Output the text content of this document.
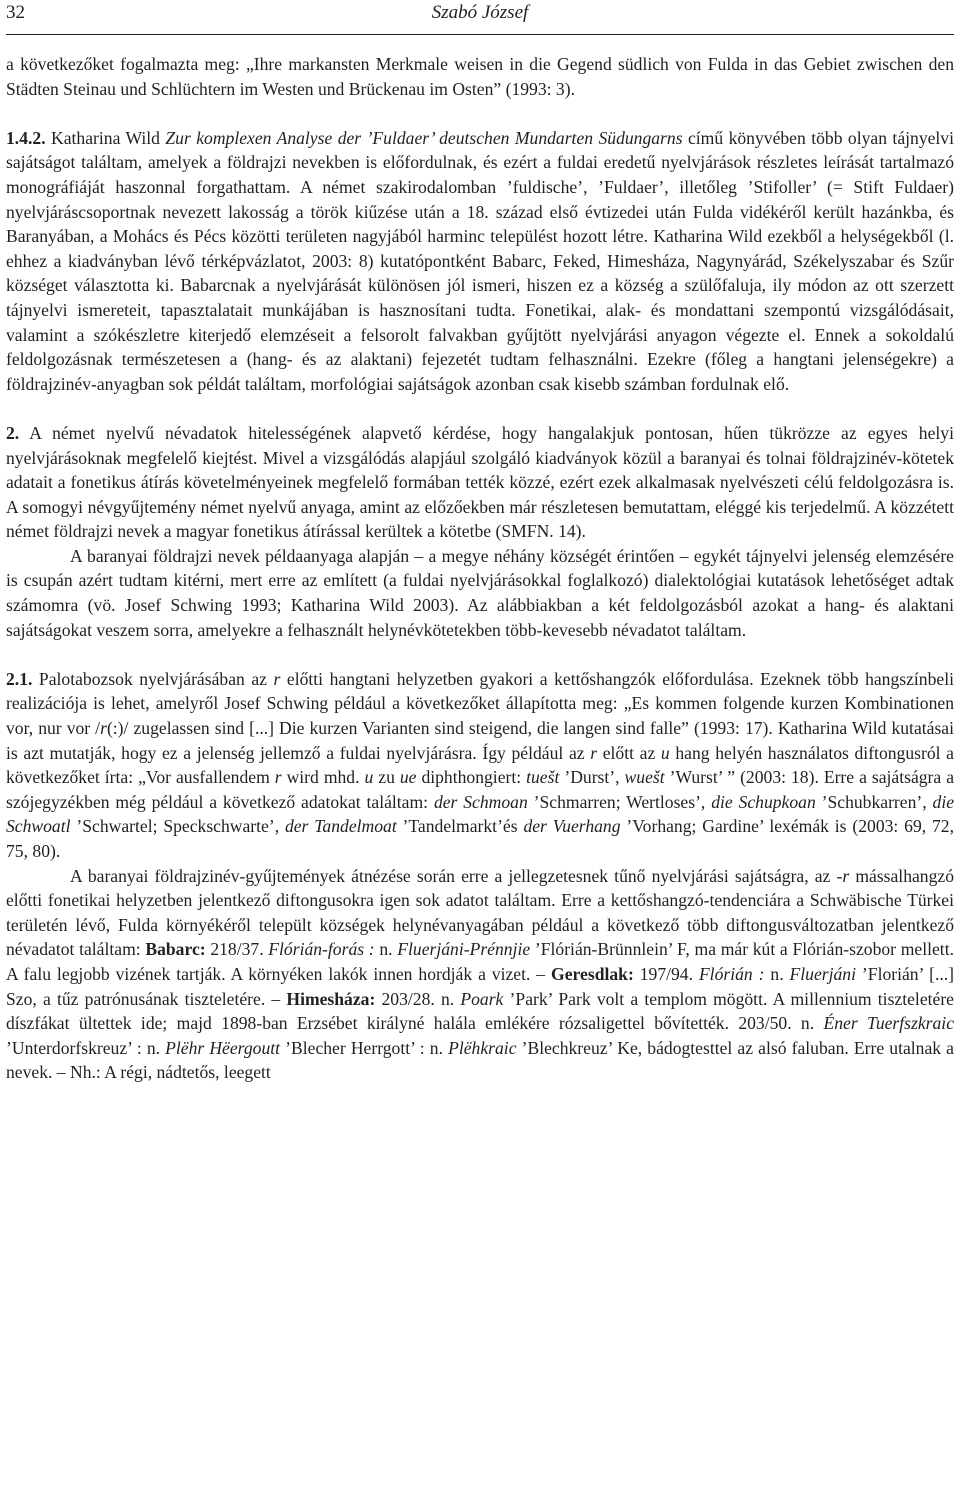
32	Szabó József

a következőket fogalmazta meg: „Ihre markansten Merkmale weisen in die Gegend südlich von Fulda in das Gebiet zwischen den Städten Steinau und Schlüchtern im Westen und Brückenau im Osten” (1993: 3).

1.4.2. Katharina Wild Zur komplexen Analyse der ’Fuldaer’ deutschen Mundarten Südungarns című könyvében több olyan tájnyelvi sajátságot találtam, amelyek a földrajzi nevekben is előfordulnak, és ezért a fuldai eredetű nyelvjárások részletes leírását tartalmazó monográfiáját haszonnal forgathattam. A német szakirodalomban ’fuldische’, ’Fuldaer’, illetőleg ’Stifoller’ (= Stift Fuldaer) nyelvjáráscsoportnak nevezett lakosság a török kiűzése után a 18. század első évtizedei után Fulda vidékéről került hazánkba, és Baranyában, a Mohács és Pécs közötti területen nagyjából harminc települést hozott létre. Katharina Wild ezekből a helységekből (l. ehhez a kiadványban lévő térképvázlatot, 2003: 8) kutatópontként Babarc, Feked, Himesháza, Nagynyárád, Székelyszabar és Szűr községet választotta ki. Babarcnak a nyelvjárását különösen jól ismeri, hiszen ez a község a szülőfaluja, ily módon az ott szerzett tájnyelvi ismereteit, tapasztalatait munkájában is hasznosítani tudta. Fonetikai, alak- és mondattani szempontú vizsgálódásait, valamint a szókészletre kiterjedő elemzéseit a felsorolt falvakban gyűjtött nyelvjárási anyagon végezte el. Ennek a sokoldalú feldolgozásnak természetesen a (hang- és az alaktani) fejezetét tudtam felhasználni. Ezekre (főleg a hangtani jelenségekre) a földrajzinév-anyagban sok példát találtam, morfológiai sajátságok azonban csak kisebb számban fordulnak elő.

2. A német nyelvű névadatok hitelességének alapvető kérdése, hogy hangalakjuk pontosan, hűen tükrözze az egyes helyi nyelvjárásoknak megfelelő kiejtést. Mivel a vizsgálódás alapjául szolgáló kiadványok közül a baranyai és tolnai földrajzinév-kötetek adatait a fonetikus átírás követelményeinek megfelelő formában tették közzé, ezért ezek alkalmasak nyelvészeti célú feldolgozásra is. A somogyi névgyűjtemény német nyelvű anyaga, amint az előzőekben már részletesen bemutattam, eléggé kis terjedelmű. A közzétett német földrajzi nevek a magyar fonetikus átírással kerültek a kötetbe (SMFN. 14).

A baranyai földrajzi nevek példaanyaga alapján – a megye néhány községét érintően – egykét tájnyelvi jelenség elemzésére is csupán azért tudtam kitérni, mert erre az említett (a fuldai nyelvjárásokkal foglalkozó) dialektológiai kutatások lehetőséget adtak számomra (vö. Josef Schwing 1993; Katharina Wild 2003). Az alábbiakban a két feldolgozásból azokat a hang- és alaktani sajátságokat veszem sorra, amelyekre a felhasznált helynévkötetekben több-kevesebb névadatot találtam.

2.1. Palotabozsok nyelvjárásában az r előtti hangtani helyzetben gyakori a kettőshangzók előfordulása. Ezeknek több hangszínbeli realizációja is lehet, amelyről Josef Schwing például a következőket állapította meg: „Es kommen folgende kurzen Kombinationen vor, nur vor /r(:)/ zugelassen sind [...] Die kurzen Varianten sind steigend, die langen sind falle” (1993: 17). Katharina Wild kutatásai is azt mutatják, hogy ez a jelenség jellemző a fuldai nyelvjárásra. Így például az r előtt az u hang helyén használatos diftongusról a következőket írta: „Vor ausfallendem r wird mhd. u zu ue diphthongiert: tuešt ’Durst’, wuešt ’Wurst’ ” (2003: 18). Erre a sajátságra a szójegyzékben még például a következő adatokat találtam: der Schmoan ’Schmarren; Wertloses’, die Schupkoan ’Schubkarren’, die Schwoatl ’Schwartel; Speckschwarte’, der Tandelmoat ’Tandelmarkt’és der Vuerhang ’Vorhang; Gardine’ lexémák is (2003: 69, 72, 75, 80).

A baranyai földrajzinév-gyűjtemények átnézése során erre a jellegzetesnek tűnő nyelvjárási sajátságra, az -r mássalhangzó előtti fonetikai helyzetben jelentkező diftongusokra igen sok adatot találtam. Erre a kettőshangzó-tendenciára a Schwäbische Türkei területén lévő, Fulda környékéről települt községek helynévanyagában például a következő több diftongusváltozatban jelentkező névadatot találtam: Babarc: 218/37. Flórián-forás : n. Fluerjáni-Prénnjie ’Flórián-Brünnlein’ F, ma már kút a Flórián-szobor mellett. A falu legjobb vizének tartják. A környéken lakók innen hordják a vizet. – Geresdlak: 197/94. Flórián : n. Fluerjáni ’Florián’ [...] Szo, a tűz patrónusának tiszteletére. – Himesháza: 203/28. n. Poark ’Park’ Park volt a templom mögött. A millennium tiszteletére díszfákat ültettek ide; majd 1898-ban Erzsébet királyné halála emlékére rózsaligettel bővítették. 203/50. n. Éner Tuerfszkraic ’Unterdorfskreuz’ : n. Plëhr Hëergoutt ’Blecher Herrgott’ : n. Plëhkraic ’Blechkreuz’ Ke, bádogtesttel az alsó faluban. Erre utalnak a nevek. – Nh.: A régi, nádtetős, leegett
